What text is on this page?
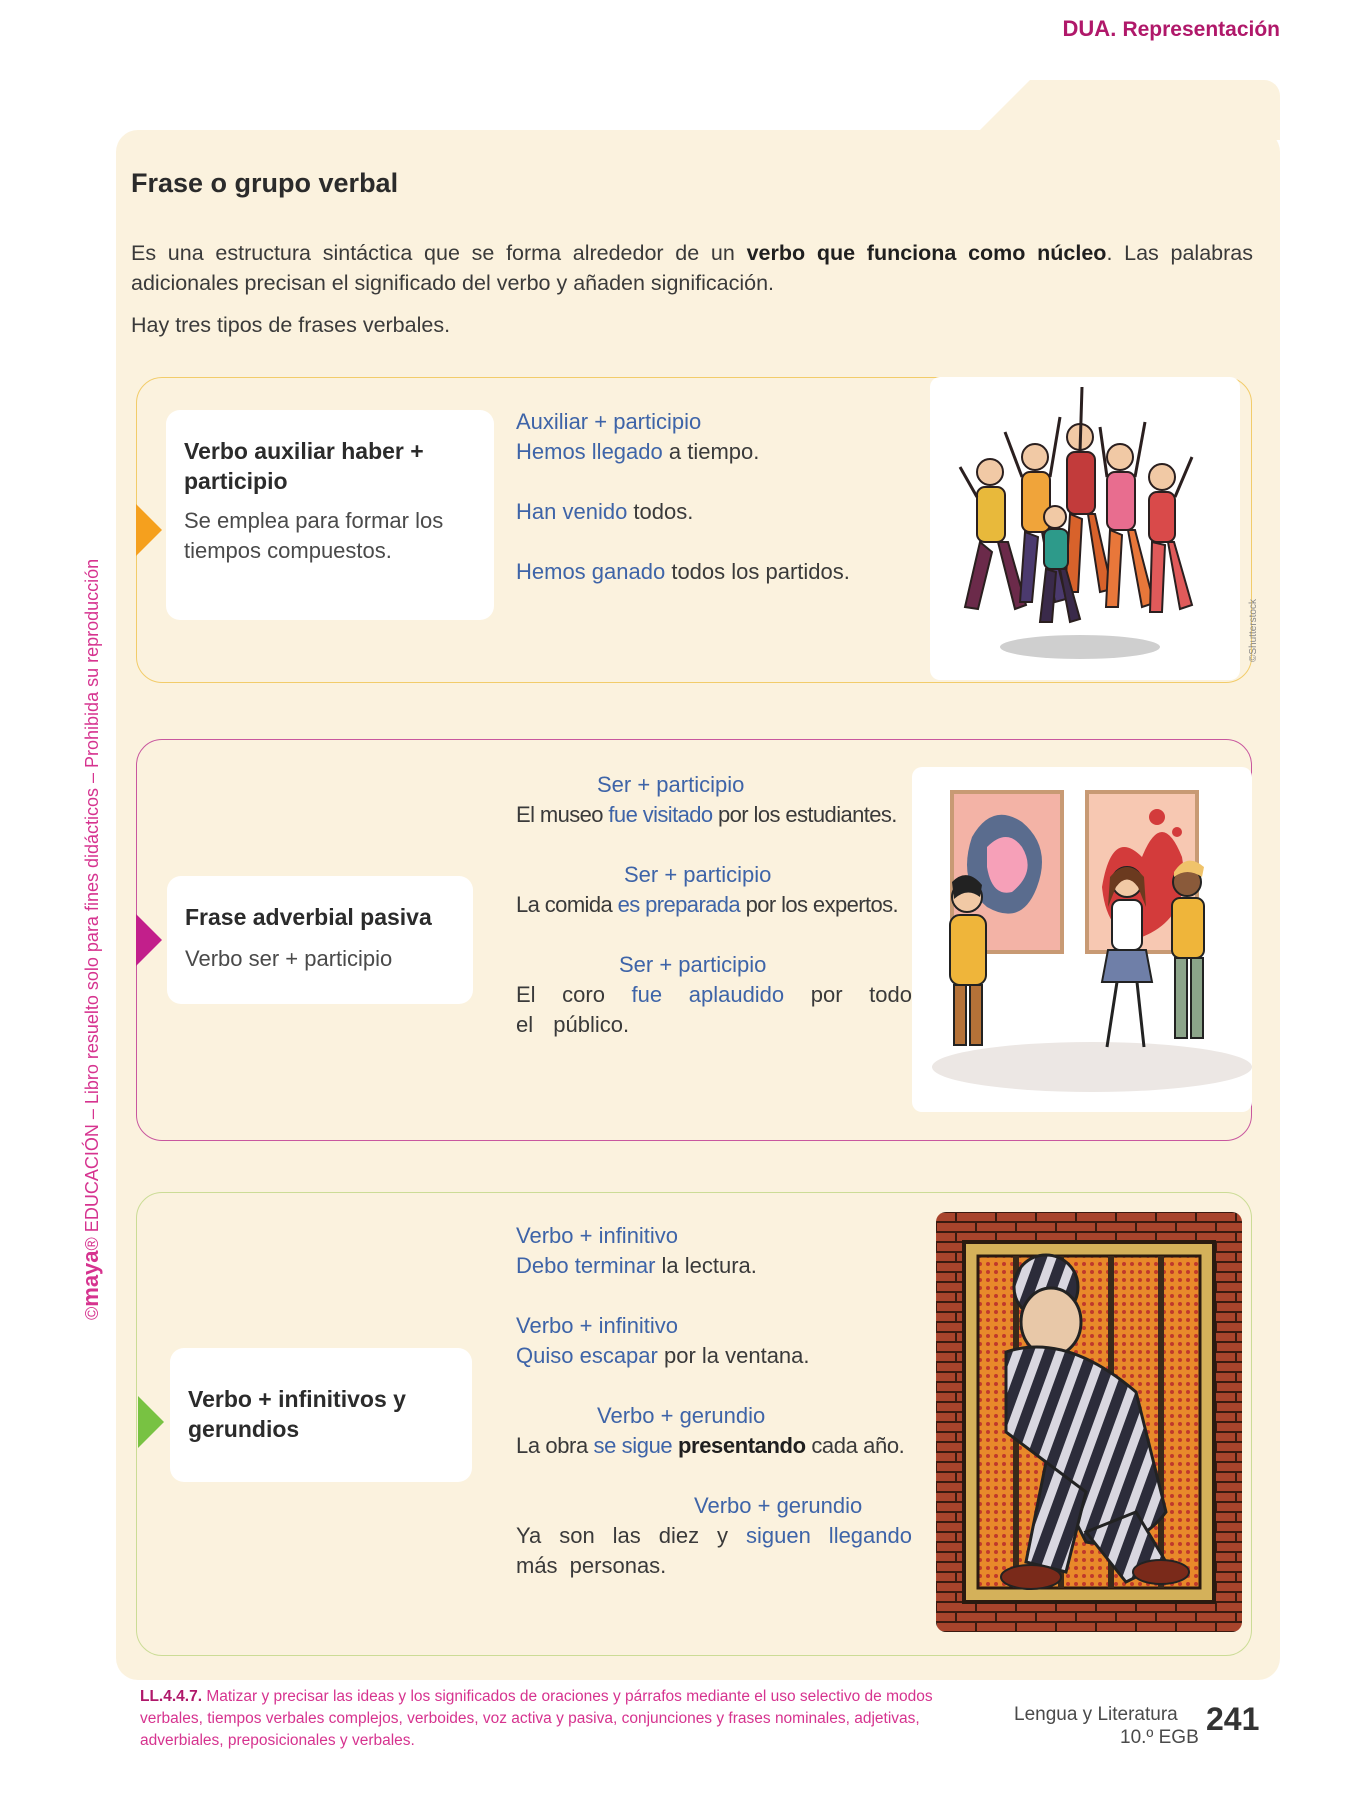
©maya® EDUCACIÓN – Libro resuelto solo para fines didácticos – Prohibida su reproducción
DUA. Representación
Frase o grupo verbal
Es una estructura sintáctica que se forma alrededor de un verbo que funciona como núcleo. Las palabras adicionales precisan el significado del verbo y añaden significación.
Hay tres tipos de frases verbales.
Verbo auxiliar haber + participio
Se emplea para formar los tiempos compuestos.
Auxiliar + participio
Hemos llegado a tiempo.
Han venido todos.
Hemos ganado todos los partidos.
©Shutterstock
Frase adverbial pasiva
Verbo ser + participio
Ser + participio
El museo fue visitado por los estudiantes.
Ser + participio
La comida es preparada por los expertos.
Ser + participio
El coro fue aplaudido por todo el público.
Verbo + infinitivos y gerundios
Verbo + infinitivo
Debo terminar la lectura.
Verbo + infinitivo
Quiso escapar por la ventana.
Verbo + gerundio
La obra se sigue presentando cada año.
Verbo + gerundio
Ya son las diez y siguen llegando más personas.
LL.4.4.7. Matizar y precisar las ideas y los significados de oraciones y párrafos mediante el uso selectivo de modos verbales, tiempos verbales complejos, verboides, voz activa y pasiva, conjunciones y frases nominales, adjetivas, adverbiales, preposicionales y verbales.
Lengua y Literatura
10.º EGB
241
